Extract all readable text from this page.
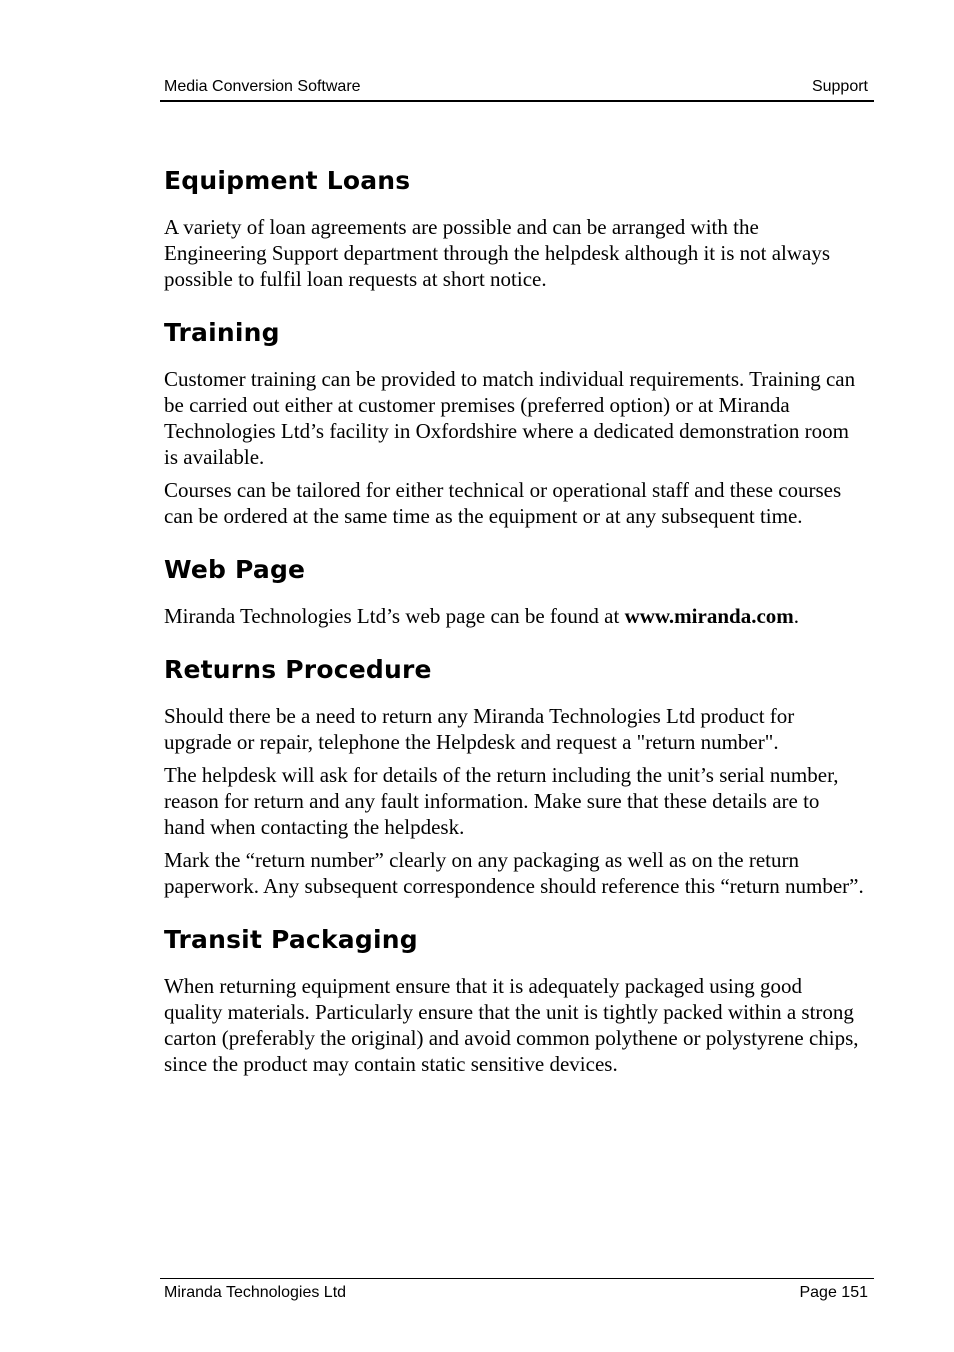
Media Conversion Software	Support
Equipment Loans

A variety of loan agreements are possible and can be arranged with the Engineering Support department through the helpdesk although it is not always possible to fulfil loan requests at short notice.

Training

Customer training can be provided to match individual requirements. Training can be carried out either at customer premises (preferred option) or at Miranda Technologies Ltd’s facility in Oxfordshire where a dedicated demonstration room is available.

Courses can be tailored for either technical or operational staff and these courses can be ordered at the same time as the equipment or at any subsequent time.

Web Page

Miranda Technologies Ltd’s web page can be found at www.miranda.com.

Returns Procedure

Should there be a need to return any Miranda Technologies Ltd product for upgrade or repair, telephone the Helpdesk and request a "return number".

The helpdesk will ask for details of the return including the unit’s serial number, reason for return and any fault information. Make sure that these details are to hand when contacting the helpdesk.

Mark the “return number” clearly on any packaging as well as on the return paperwork. Any subsequent correspondence should reference this “return number”.

Transit Packaging

When returning equipment ensure that it is adequately packaged using good quality materials. Particularly ensure that the unit is tightly packed within a strong carton (preferably the original) and avoid common polythene or polystyrene chips, since the product may contain static sensitive devices.

Miranda Technologies Ltd	Page 151
